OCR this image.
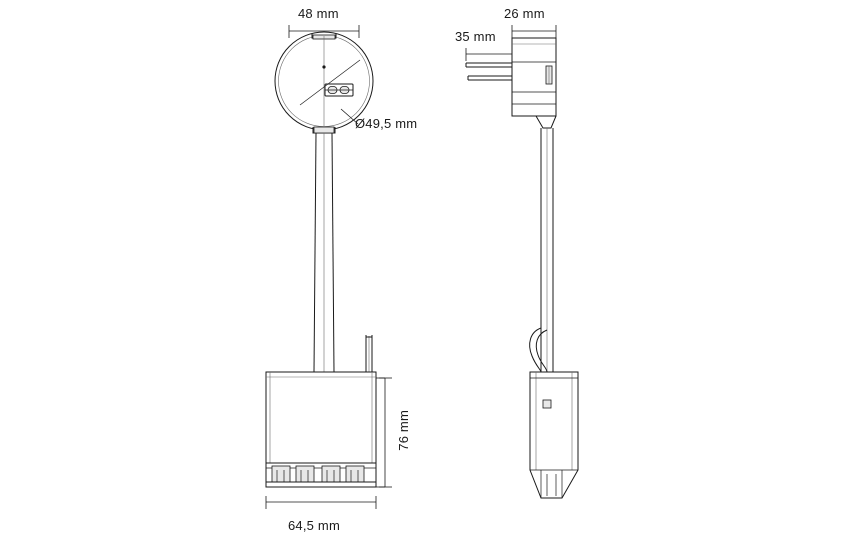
48 mm
Ø49,5 mm
76 mm
64,5 mm
26 mm
35 mm
